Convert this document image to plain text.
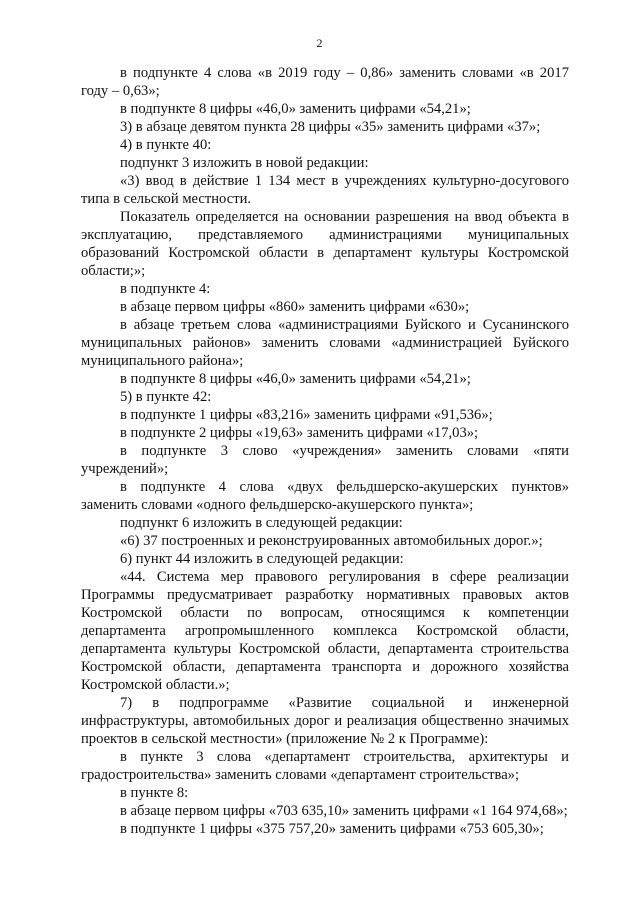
2

в подпункте 4 слова «в 2019 году – 0,86» заменить словами «в 2017 году – 0,63»;

в подпункте 8 цифры «46,0» заменить цифрами «54,21»;

3) в абзаце девятом пункта 28 цифры «35» заменить цифрами «37»;

4) в пункте 40:

подпункт 3 изложить в новой редакции:

«3) ввод в действие 1 134 мест в учреждениях культурно-досугового типа в сельской местности.

Показатель определяется на основании разрешения на ввод объекта в эксплуатацию, представляемого администрациями муниципальных образований Костромской области в департамент культуры Костромской области;»;

в подпункте 4:

в абзаце первом цифры «860» заменить цифрами «630»;

в абзаце третьем слова «администрациями Буйского и Сусанинского муниципальных районов» заменить словами «администрацией Буйского муниципального района»;

в подпункте 8 цифры «46,0» заменить цифрами «54,21»;

5) в пункте 42:

в подпункте 1 цифры «83,216» заменить цифрами «91,536»;

в подпункте 2 цифры «19,63» заменить цифрами «17,03»;

в подпункте 3 слово «учреждения» заменить словами «пяти учреждений»;

в подпункте 4 слова «двух фельдшерско-акушерских пунктов» заменить словами «одного фельдшерско-акушерского пункта»;

подпункт 6 изложить в следующей редакции:

«6) 37 построенных и реконструированных автомобильных дорог.»;

6) пункт 44 изложить в следующей редакции:

«44. Система мер правового регулирования в сфере реализации Программы предусматривает разработку нормативных правовых актов Костромской области по вопросам, относящимся к компетенции департамента агропромышленного комплекса Костромской области, департамента культуры Костромской области, департамента строительства Костромской области, департамента транспорта и дорожного хозяйства Костромской области.»;

7) в подпрограмме «Развитие социальной и инженерной инфраструктуры, автомобильных дорог и реализация общественно значимых проектов в сельской местности» (приложение № 2 к Программе):

в пункте 3 слова «департамент строительства, архитектуры и градостроительства» заменить словами «департамент строительства»;

в пункте 8:

в абзаце первом цифры «703 635,10» заменить цифрами «1 164 974,68»;

в подпункте 1 цифры «375 757,20» заменить цифрами «753 605,30»;
